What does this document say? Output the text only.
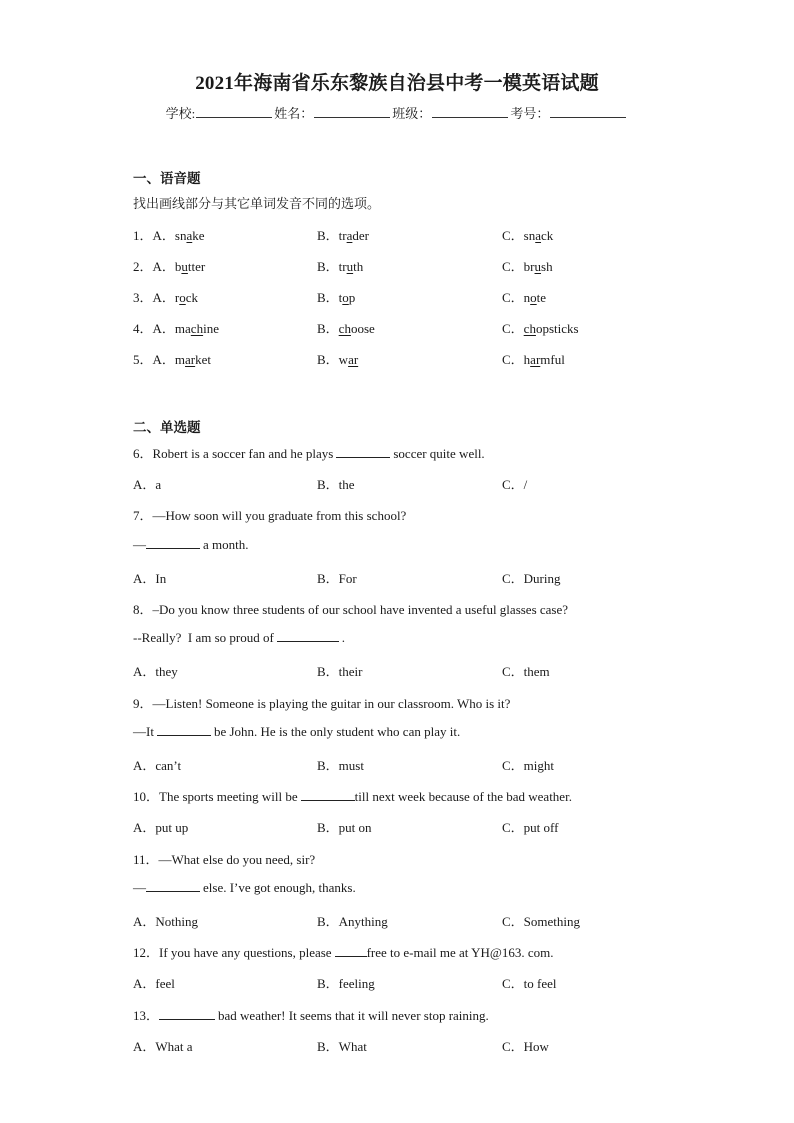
2021年海南省乐东黎族自治县中考一模英语试题
学校:	姓名：	班级：	考号：
一、语音题
找出画线部分与其它单词发音不同的选项。
1．A．snake	B．trader	C．snack
2．A．butter	B．truth	C．brush
3．A．rock	B．top	C．note
4．A．machine	B．choose	C．chopsticks
5．A．market	B．war	C．harmful
二、单选题
6．Robert is a soccer fan and he plays	soccer quite well.
A．a	B．the	C．/
7．—How soon will you graduate from this school?
—	a month.
A．In	B．For	C．During
8．–Do you know three students of our school have invented a useful glasses case?
--Really?  I am so proud of	.
A．they	B．their	C．them
9．—Listen! Someone is playing the guitar in our classroom. Who is it?
—It	be John. He is the only student who can play it.
A．can’t	B．must	C．might
10．The sports meeting will be	till next week because of the bad weather.
A．put up	B．put on	C．put off
11．—What else do you need, sir?
—	else. I’ve got enough, thanks.
A．Nothing	B．Anything	C．Something
12．If you have any questions, please	free to e-mail me at YH@163. com.
A．feel	B．feeling	C．to feel
13．	bad weather! It seems that it will never stop raining.
A．What a	B．What	C．How
